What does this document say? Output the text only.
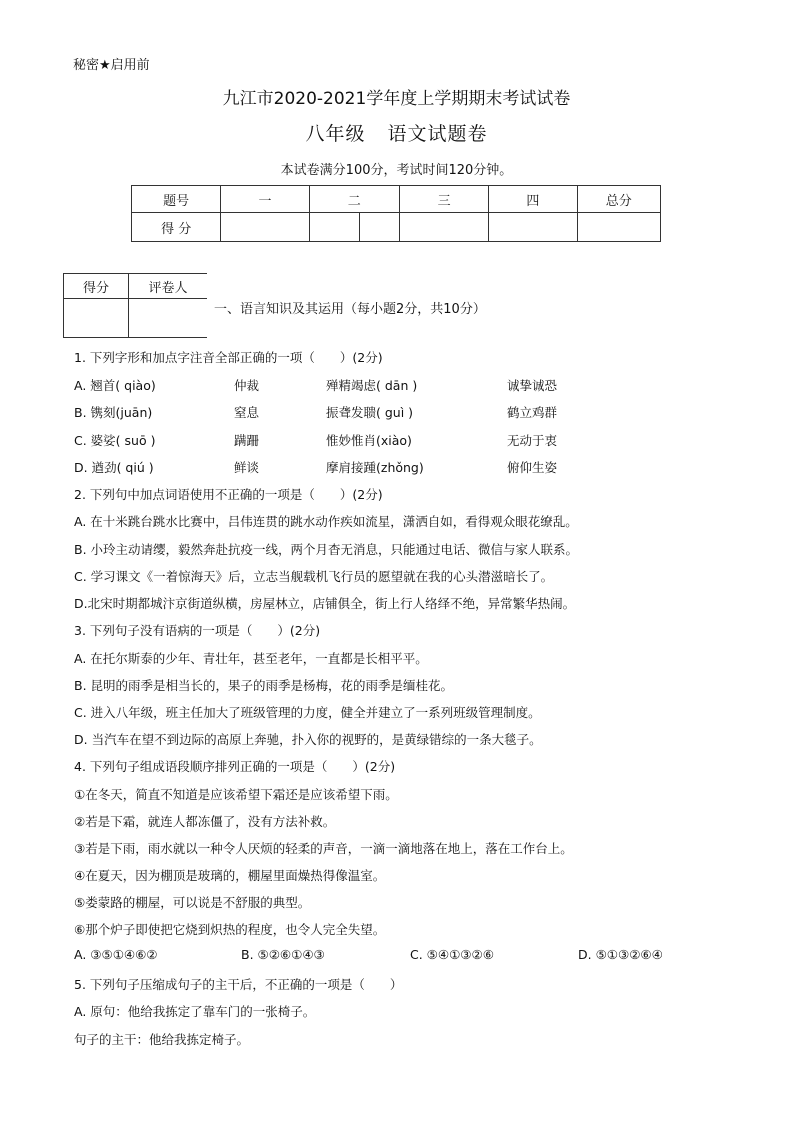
秘密★启用前
九江市2020-2021学年度上学期期末考试试卷
八年级 语文试题卷
本试卷满分100分，考试时间120分钟。
题号	一	二		三	四	总分
得 分						
得分	评卷人

一、语言知识及其运用（每小题2分，共10分）
1. 下列字形和加点字注音全部正确的一项（　　）(2分)
A. 翘首( qiào)	仲裁	殚精竭虑( dān )	诚挚诚恐
B. 镌刻(juān)	窒息	振聋发聩( guì )	鹤立鸡群
C. 婆娑( suō )	蹒跚	惟妙惟肖(xiào)	无动于衷
D. 遒劲( qiú )	鲜谈	摩肩接踵(zhǒng)	俯仰生姿
2. 下列句中加点词语使用不正确的一项是（　　）(2分)
A. 在十米跳台跳水比赛中，吕伟连贯的跳水动作疾如流星，潇洒自如，看得观众眼花缭乱。
B. 小玲主动请缨，毅然奔赴抗疫一线，两个月杳无消息，只能通过电话、微信与家人联系。
C. 学习课文《一着惊海天》后，立志当舰载机飞行员的愿望就在我的心头潜滋暗长了。
D.北宋时期都城汴京街道纵横，房屋林立，店铺俱全，街上行人络绎不绝，异常繁华热闹。
3. 下列句子没有语病的一项是（　　）(2分)
A. 在托尔斯泰的少年、青壮年，甚至老年，一直都是长相平平。
B. 昆明的雨季是相当长的，果子的雨季是杨梅，花的雨季是缅桂花。
C. 进入八年级，班主任加大了班级管理的力度，健全并建立了一系列班级管理制度。
D. 当汽车在望不到边际的高原上奔驰，扑入你的视野的，是黄绿错综的一条大毯子。
4. 下列句子组成语段顺序排列正确的一项是（　　）(2分)
①在冬天，简直不知道是应该希望下霜还是应该希望下雨。
②若是下霜，就连人都冻僵了，没有方法补救。
③若是下雨，雨水就以一种令人厌烦的轻柔的声音，一滴一滴地落在地上，落在工作台上。
④在夏天，因为棚顶是玻璃的，棚屋里面燥热得像温室。
⑤娄蒙路的棚屋，可以说是不舒服的典型。
⑥那个炉子即使把它烧到炽热的程度，也令人完全失望。
A. ③⑤①④⑥②	B. ⑤②⑥①④③	C. ⑤④①③②⑥	D. ⑤①③②⑥④
5. 下列句子压缩成句子的主干后，不正确的一项是（　　）
A. 原句：他给我拣定了靠车门的一张椅子。
句子的主干：他给我拣定椅子。
